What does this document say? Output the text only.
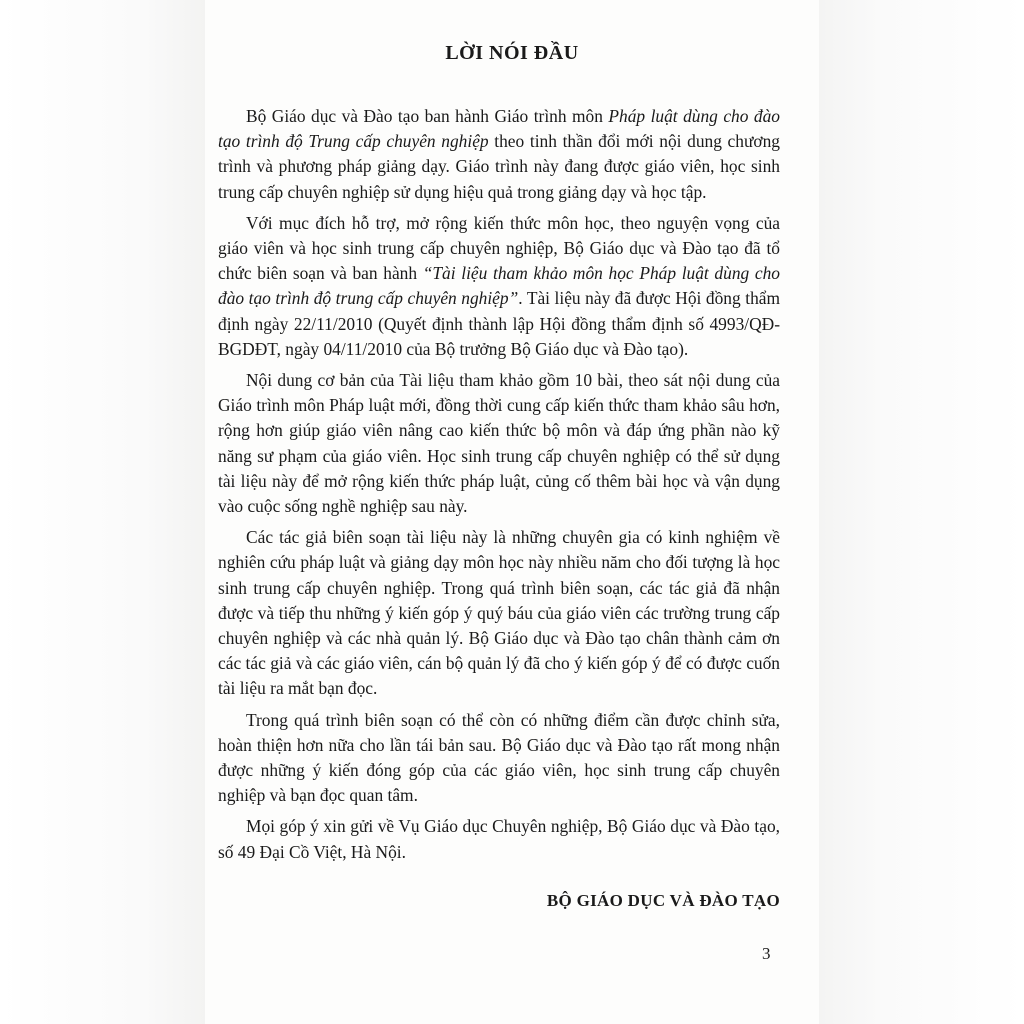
LỜI NÓI ĐẦU

Bộ Giáo dục và Đào tạo ban hành Giáo trình môn Pháp luật dùng cho đào tạo trình độ Trung cấp chuyên nghiệp theo tinh thần đổi mới nội dung chương trình và phương pháp giảng dạy. Giáo trình này đang được giáo viên, học sinh trung cấp chuyên nghiệp sử dụng hiệu quả trong giảng dạy và học tập.

Với mục đích hỗ trợ, mở rộng kiến thức môn học, theo nguyện vọng của giáo viên và học sinh trung cấp chuyên nghiệp, Bộ Giáo dục và Đào tạo đã tổ chức biên soạn và ban hành “Tài liệu tham khảo môn học Pháp luật dùng cho đào tạo trình độ trung cấp chuyên nghiệp”. Tài liệu này đã được Hội đồng thẩm định ngày 22/11/2010 (Quyết định thành lập Hội đồng thẩm định số 4993/QĐ-BGDĐT, ngày 04/11/2010 của Bộ trưởng Bộ Giáo dục và Đào tạo).

Nội dung cơ bản của Tài liệu tham khảo gồm 10 bài, theo sát nội dung của Giáo trình môn Pháp luật mới, đồng thời cung cấp kiến thức tham khảo sâu hơn, rộng hơn giúp giáo viên nâng cao kiến thức bộ môn và đáp ứng phần nào kỹ năng sư phạm của giáo viên. Học sinh trung cấp chuyên nghiệp có thể sử dụng tài liệu này để mở rộng kiến thức pháp luật, củng cố thêm bài học và vận dụng vào cuộc sống nghề nghiệp sau này.

Các tác giả biên soạn tài liệu này là những chuyên gia có kinh nghiệm về nghiên cứu pháp luật và giảng dạy môn học này nhiều năm cho đối tượng là học sinh trung cấp chuyên nghiệp. Trong quá trình biên soạn, các tác giả đã nhận được và tiếp thu những ý kiến góp ý quý báu của giáo viên các trường trung cấp chuyên nghiệp và các nhà quản lý. Bộ Giáo dục và Đào tạo chân thành cảm ơn các tác giả và các giáo viên, cán bộ quản lý đã cho ý kiến góp ý để có được cuốn tài liệu ra mắt bạn đọc.

Trong quá trình biên soạn có thể còn có những điểm cần được chỉnh sửa, hoàn thiện hơn nữa cho lần tái bản sau. Bộ Giáo dục và Đào tạo rất mong nhận được những ý kiến đóng góp của các giáo viên, học sinh trung cấp chuyên nghiệp và bạn đọc quan tâm.

Mọi góp ý xin gửi về Vụ Giáo dục Chuyên nghiệp, Bộ Giáo dục và Đào tạo, số 49 Đại Cồ Việt, Hà Nội.

BỘ GIÁO DỤC VÀ ĐÀO TẠO
3
